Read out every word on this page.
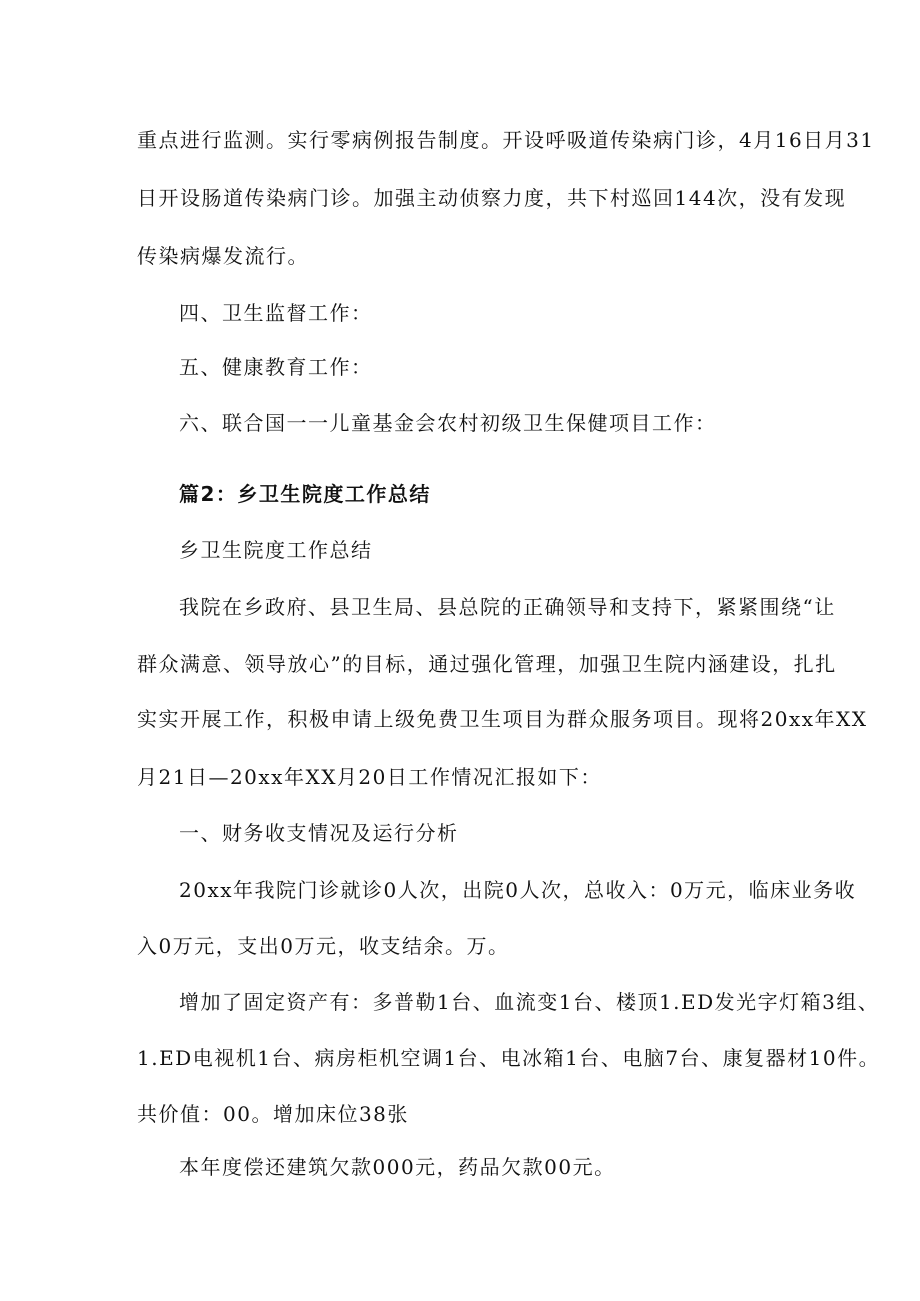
重点进行监测。实行零病例报告制度。开设呼吸道传染病门诊，4月16日月31
日开设肠道传染病门诊。加强主动侦察力度，共下村巡回144次，没有发现
传染病爆发流行。
四、卫生监督工作：
五、健康教育工作：
六、联合国一一儿童基金会农村初级卫生保健项目工作：
篇2：乡卫生院度工作总结
乡卫生院度工作总结
我院在乡政府、县卫生局、县总院的正确领导和支持下，紧紧围绕“让
群众满意、领导放心”的目标，通过强化管理，加强卫生院内涵建设，扎扎
实实开展工作，积极申请上级免费卫生项目为群众服务项目。现将20xx年XX
月21日—20xx年XX月20日工作情况汇报如下：
一、财务收支情况及运行分析
20xx年我院门诊就诊0人次，出院0人次，总收入：0万元，临床业务收
入0万元，支出0万元，收支结余。万。
增加了固定资产有：多普勒1台、血流变1台、楼顶1.ED发光字灯箱3组、
1.ED电视机1台、病房柜机空调1台、电冰箱1台、电脑7台、康复器材10件。
共价值：00。增加床位38张
本年度偿还建筑欠款000元，药品欠款00元。
